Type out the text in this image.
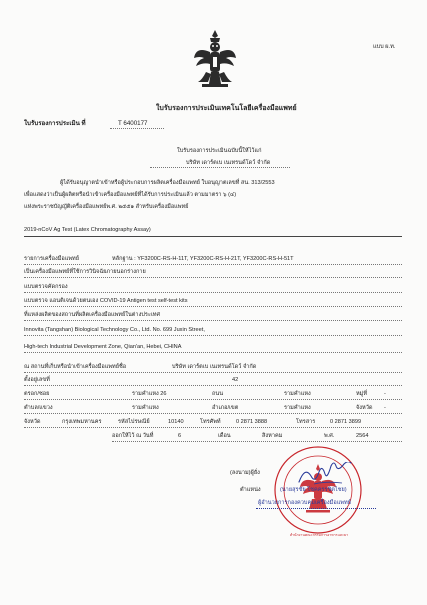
แบบ ผ.ท.
ใบรับรองการประเมินเทคโนโลยีเครื่องมือแพทย์
ใบรับรองการประเมิน ที่	T 6400177
ใบรับรองการประเมินฉบับนี้ให้ไว้แก่
บริษัท เดาร์ตเบ เนเทรนด์โดว์ จำกัด
ผู้ได้รับอนุญาตนำเข้าหรือผู้ประกอบการผลิตเครื่องมือแพทย์ ใบอนุญาตเลขที่ สน. 313/2553
เพื่อแสดงว่าเป็นผู้ผลิตหรือนำเข้าเครื่องมือแพทย์ที่ได้รับการประเมินแล้ว ตามมาตรา ๖ (๔)
แห่งพระราชบัญญัติเครื่องมือแพทย์พ.ศ. ๒๕๕๑ สำหรับเครื่องมือแพทย์
2019-nCoV Ag Test (Latex Chromatography Assay)
รายการเครื่องมือแพทย์	หลักฐาน : YF3200C-RS-H-11T, YF3200C-RS-H-21T, YF3200C-RS-H-51T
เป็นเครื่องมือแพทย์ที่ใช้การวินิจฉัยภายนอกร่างกาย
แบบตรวจคัดกรอง
แบบตรวจ แอนติเจนด้วยตนเอง COVID-19 Antigen test self-test kits
ที่แหล่งผลิตของสถานที่ผลิตเครื่องมือแพทย์ในต่างประเทศ
Innovita (Tangshan) Biological Technology Co., Ltd. No. 699 Juxin Street,
High-tech Industrial Development Zone, Qian'an, Hebei, CHINA
ณ สถานที่เก็บหรือนำเข้าเครื่องมือแพทย์ชื่อ	บริษัท เดาร์ตเบ เนเทรนด์โดว์ จำกัด
ตั้งอยู่เลขที่	42
ตรอก/ซอย	รามคำแหง 26	ถนน	รามคำแหง	หมู่ที่	-
ตำบล/แขวง	รามคำแหง	อำเภอ/เขต	รามคำแหง	จังหวัด -
จังหวัด	กรุงเทพมหานคร	รหัสไปรษณีย์	10140	โทรศัพท์	0 2871 3888	โทรสาร	0 2871 3899
ออกให้ไว้ ณ วันที่	6	เดือน	สิงหาคม	พ.ศ.	2564
(ลงนาม)ผู้ยั่ง
ตำแหน่ง
สำนักงานคณะกรรมการอาหารและยา
(นายสุรชัย โชคครรชิตไชย)
ผู้อำนวยการกองควบคุมเครื่องมือแพทย์
